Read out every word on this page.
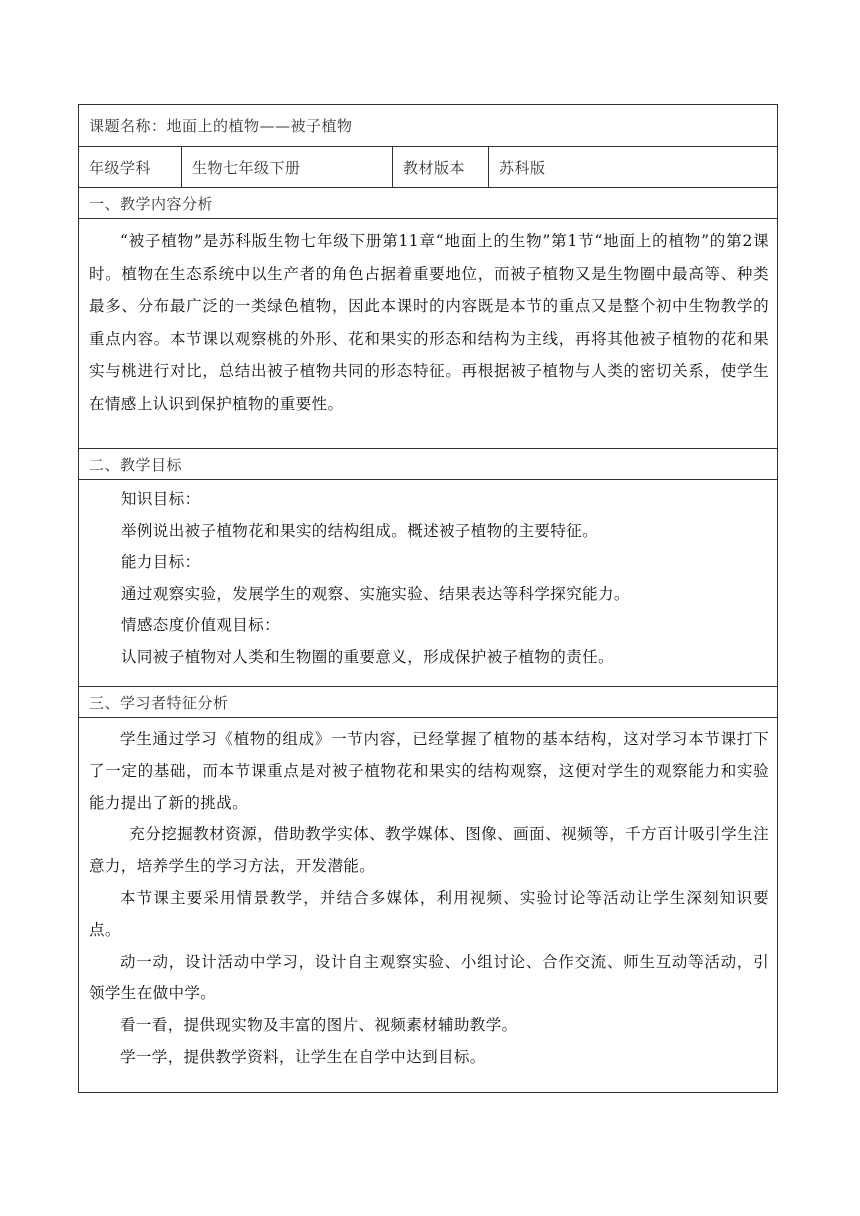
课题名称：地面上的植物——被子植物
年级学科	生物七年级下册	教材版本	苏科版
一、教学内容分析

“被子植物”是苏科版生物七年级下册第11章“地面上的生物”第1节“地面上的植物”的第2课时。植物在生态系统中以生产者的角色占据着重要地位，而被子植物又是生物圈中最高等、种类最多、分布最广泛的一类绿色植物，因此本课时的内容既是本节的重点又是整个初中生物教学的重点内容。本节课以观察桃的外形、花和果实的形态和结构为主线，再将其他被子植物的花和果实与桃进行对比，总结出被子植物共同的形态特征。再根据被子植物与人类的密切关系，使学生在情感上认识到保护植物的重要性。

二、教学目标

知识目标：

举例说出被子植物花和果实的结构组成。概述被子植物的主要特征。

能力目标：

通过观察实验，发展学生的观察、实施实验、结果表达等科学探究能力。

情感态度价值观目标：

认同被子植物对人类和生物圈的重要意义，形成保护被子植物的责任。

三、学习者特征分析

学生通过学习《植物的组成》一节内容，已经掌握了植物的基本结构，这对学习本节课打下了一定的基础，而本节课重点是对被子植物花和果实的结构观察，这便对学生的观察能力和实验能力提出了新的挑战。

充分挖掘教材资源，借助教学实体、教学媒体、图像、画面、视频等，千方百计吸引学生注意力，培养学生的学习方法，开发潜能。

本节课主要采用情景教学，并结合多媒体，利用视频、实验讨论等活动让学生深刻知识要点。

动一动，设计活动中学习，设计自主观察实验、小组讨论、合作交流、师生互动等活动，引领学生在做中学。

看一看，提供现实物及丰富的图片、视频素材辅助教学。

学一学，提供教学资料，让学生在自学中达到目标。
